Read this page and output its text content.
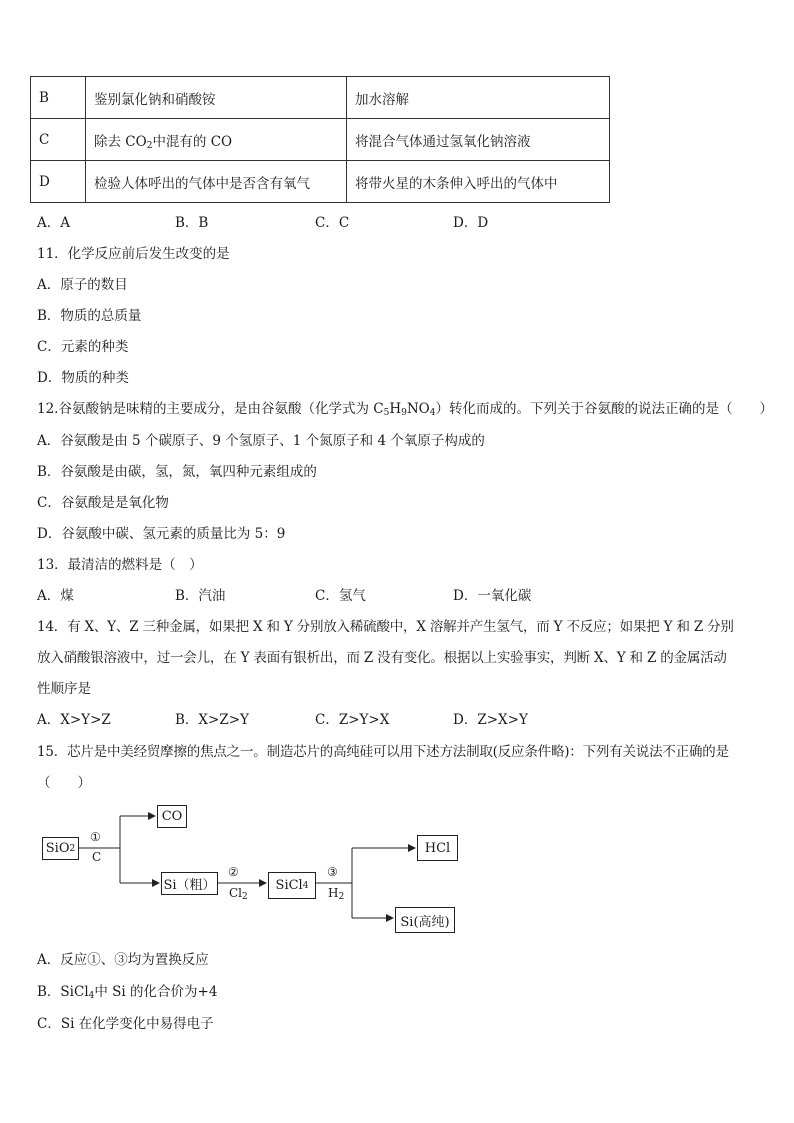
B	鉴别氯化钠和硝酸铵	加水溶解
C	除去 $CO_2$中混有的 CO	将混合气体通过氢氧化钠溶液
D	检验人体呼出的气体中是否含有氧气	将带火星的木条伸入呼出的气体中
A．A	B．B	C．C	D．D
11．化学反应前后发生改变的是
A．原子的数目
B．物质的总质量
C．元素的种类
D．物质的种类
12.谷氨酸钠是味精的主要成分，是由谷氨酸（化学式为 $C_5H_9NO_4$）转化而成的。下列关于谷氨酸的说法正确的是（　　）
A．谷氨酸是由 5 个碳原子、9 个氢原子、1 个氮原子和 4 个氧原子构成的
B．谷氨酸是由碳，氢，氮，氧四种元素组成的
C．谷氨酸是是氧化物
D．谷氨酸中碳、氢元素的质量比为 5：9
13．最清洁的燃料是（　）
A．煤	B．汽油	C．氢气	D．一氧化碳
14．有 X、Y、Z 三种金属，如果把 X 和 Y 分别放入稀硫酸中，X 溶解并产生氢气，而 Y 不反应；如果把 Y 和 Z 分别
放入硝酸银溶液中，过一会儿，在 Y 表面有银析出，而 Z 没有变化。根据以上实验事实，判断 X、Y 和 Z 的金属活动
性顺序是
A．X>Y>Z	B．X>Z>Y	C．Z>Y>X	D．Z>X>Y
15．芯片是中美经贸摩擦的焦点之一。制造芯片的高纯硅可以用下述方法制取(反应条件略)：下列有关说法不正确的是
（　　）
SiO 2
CO
Si（粗）	SiCl 4
HCl
Si(高纯)
①
C
②
$Cl_2$
③
$H_2$
A．反应①、③均为置换反应
B．SiCl$_4$中 Si 的化合价为+4
C．Si 在化学变化中易得电子
